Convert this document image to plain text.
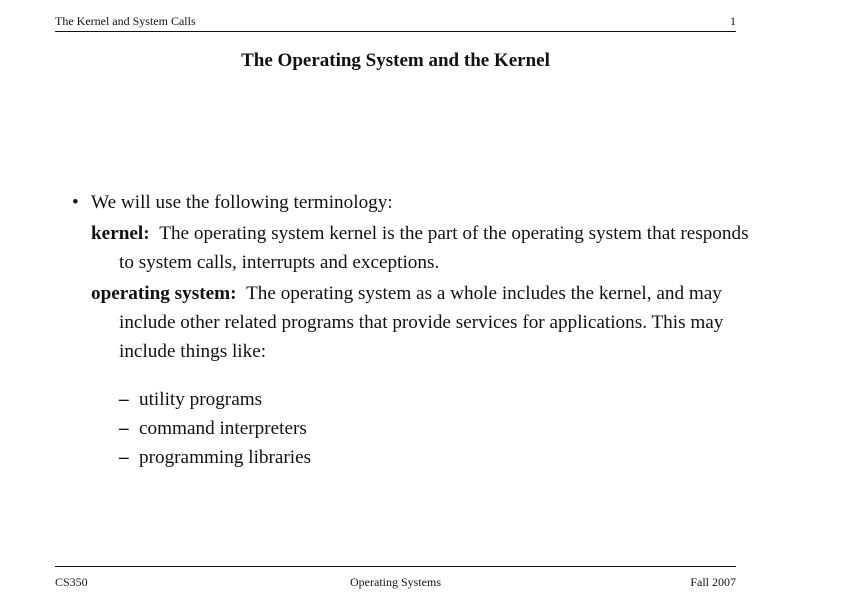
The Kernel and System Calls	1
The Operating System and the Kernel
• We will use the following terminology:
kernel: The operating system kernel is the part of the operating system that responds to system calls, interrupts and exceptions.
operating system: The operating system as a whole includes the kernel, and may include other related programs that provide services for applications. This may include things like:
– utility programs
– command interpreters
– programming libraries
CS350	Operating Systems	Fall 2007
